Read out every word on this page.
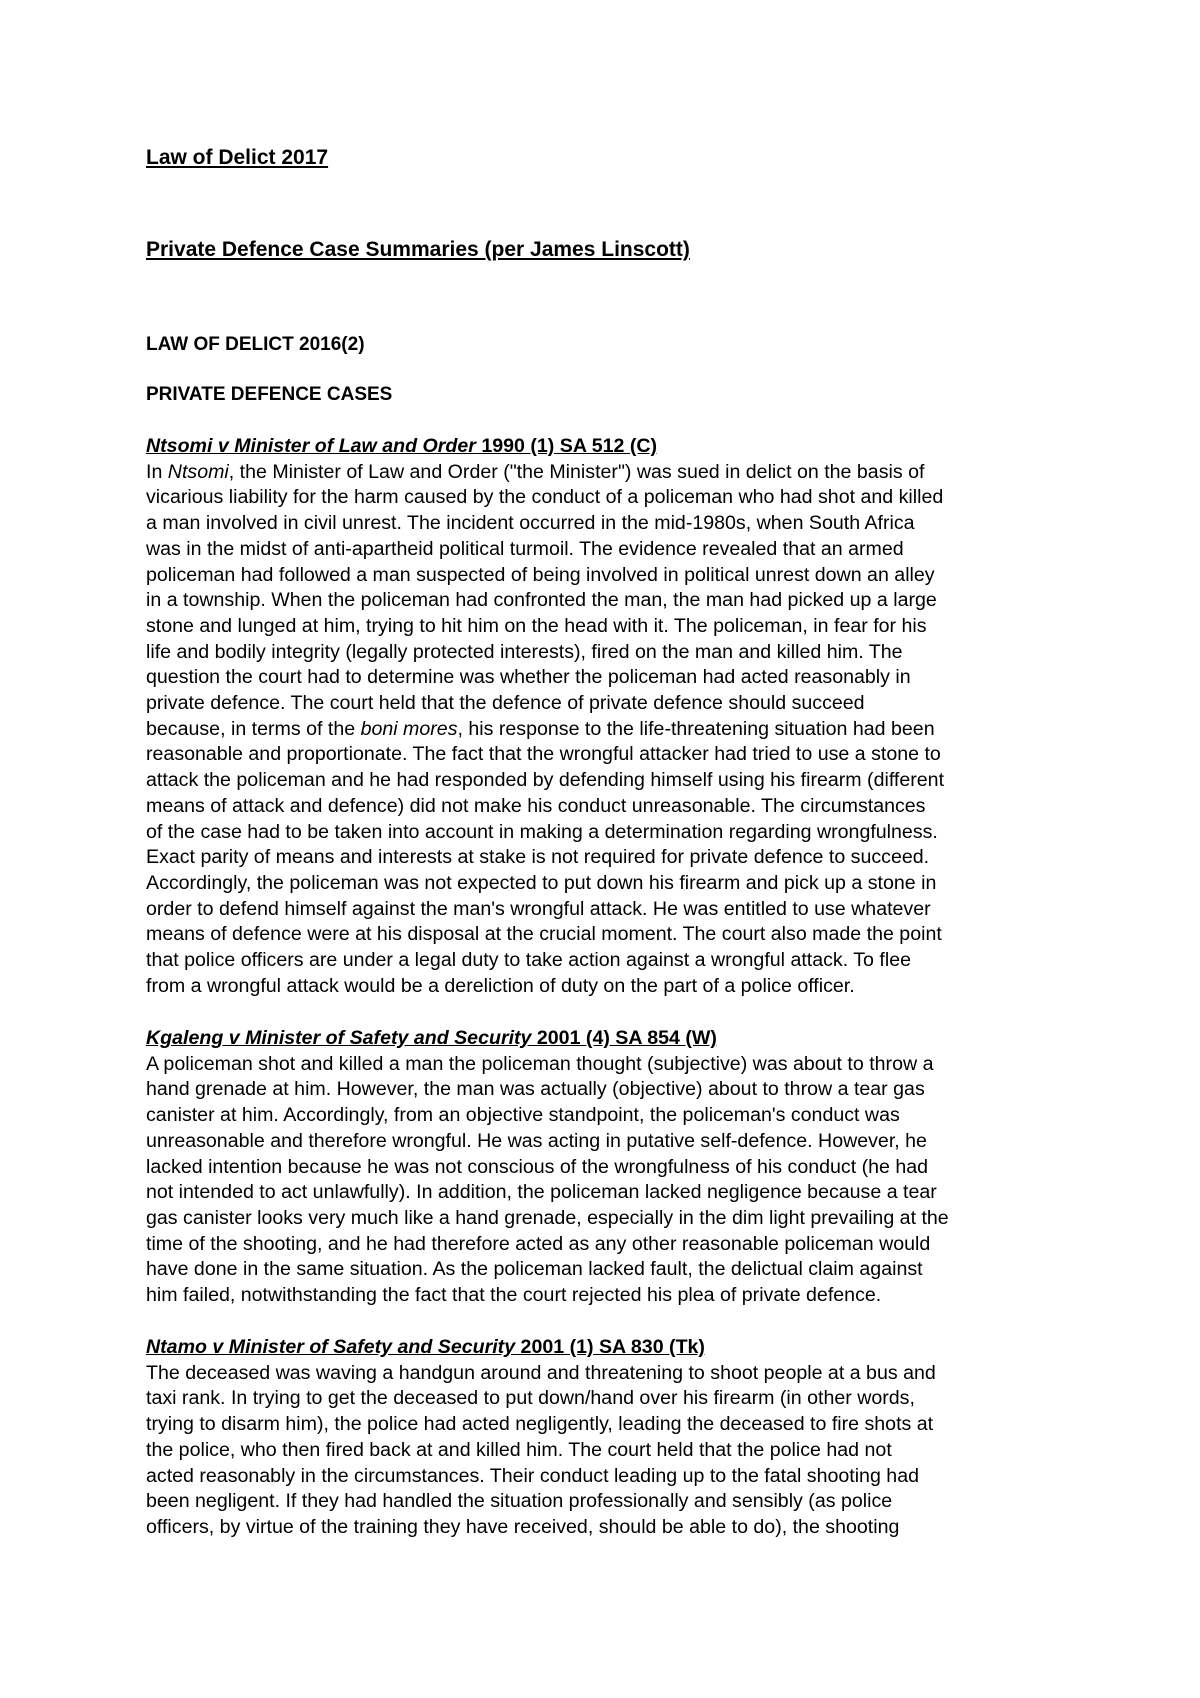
Law of Delict 2017
Private Defence Case Summaries (per James Linscott)
LAW OF DELICT 2016(2)
PRIVATE DEFENCE CASES
Ntsomi v Minister of Law and Order 1990 (1) SA 512 (C)
In Ntsomi, the Minister of Law and Order ("the Minister") was sued in delict on the basis of
vicarious liability for the harm caused by the conduct of a policeman who had shot and killed
a man involved in civil unrest. The incident occurred in the mid-1980s, when South Africa
was in the midst of anti-apartheid political turmoil. The evidence revealed that an armed
policeman had followed a man suspected of being involved in political unrest down an alley
in a township. When the policeman had confronted the man, the man had picked up a large
stone and lunged at him, trying to hit him on the head with it. The policeman, in fear for his
life and bodily integrity (legally protected interests), fired on the man and killed him. The
question the court had to determine was whether the policeman had acted reasonably in
private defence. The court held that the defence of private defence should succeed
because, in terms of the boni mores, his response to the life-threatening situation had been
reasonable and proportionate. The fact that the wrongful attacker had tried to use a stone to
attack the policeman and he had responded by defending himself using his firearm (different
means of attack and defence) did not make his conduct unreasonable. The circumstances
of the case had to be taken into account in making a determination regarding wrongfulness.
Exact parity of means and interests at stake is not required for private defence to succeed.
Accordingly, the policeman was not expected to put down his firearm and pick up a stone in
order to defend himself against the man's wrongful attack. He was entitled to use whatever
means of defence were at his disposal at the crucial moment. The court also made the point
that police officers are under a legal duty to take action against a wrongful attack. To flee
from a wrongful attack would be a dereliction of duty on the part of a police officer.
Kgaleng v Minister of Safety and Security 2001 (4) SA 854 (W)
A policeman shot and killed a man the policeman thought (subjective) was about to throw a
hand grenade at him. However, the man was actually (objective) about to throw a tear gas
canister at him. Accordingly, from an objective standpoint, the policeman's conduct was
unreasonable and therefore wrongful. He was acting in putative self-defence. However, he
lacked intention because he was not conscious of the wrongfulness of his conduct (he had
not intended to act unlawfully). In addition, the policeman lacked negligence because a tear
gas canister looks very much like a hand grenade, especially in the dim light prevailing at the
time of the shooting, and he had therefore acted as any other reasonable policeman would
have done in the same situation. As the policeman lacked fault, the delictual claim against
him failed, notwithstanding the fact that the court rejected his plea of private defence.
Ntamo v Minister of Safety and Security 2001 (1) SA 830 (Tk)
The deceased was waving a handgun around and threatening to shoot people at a bus and
taxi rank. In trying to get the deceased to put down/hand over his firearm (in other words,
trying to disarm him), the police had acted negligently, leading the deceased to fire shots at
the police, who then fired back at and killed him. The court held that the police had not
acted reasonably in the circumstances. Their conduct leading up to the fatal shooting had
been negligent. If they had handled the situation professionally and sensibly (as police
officers, by virtue of the training they have received, should be able to do), the shooting
